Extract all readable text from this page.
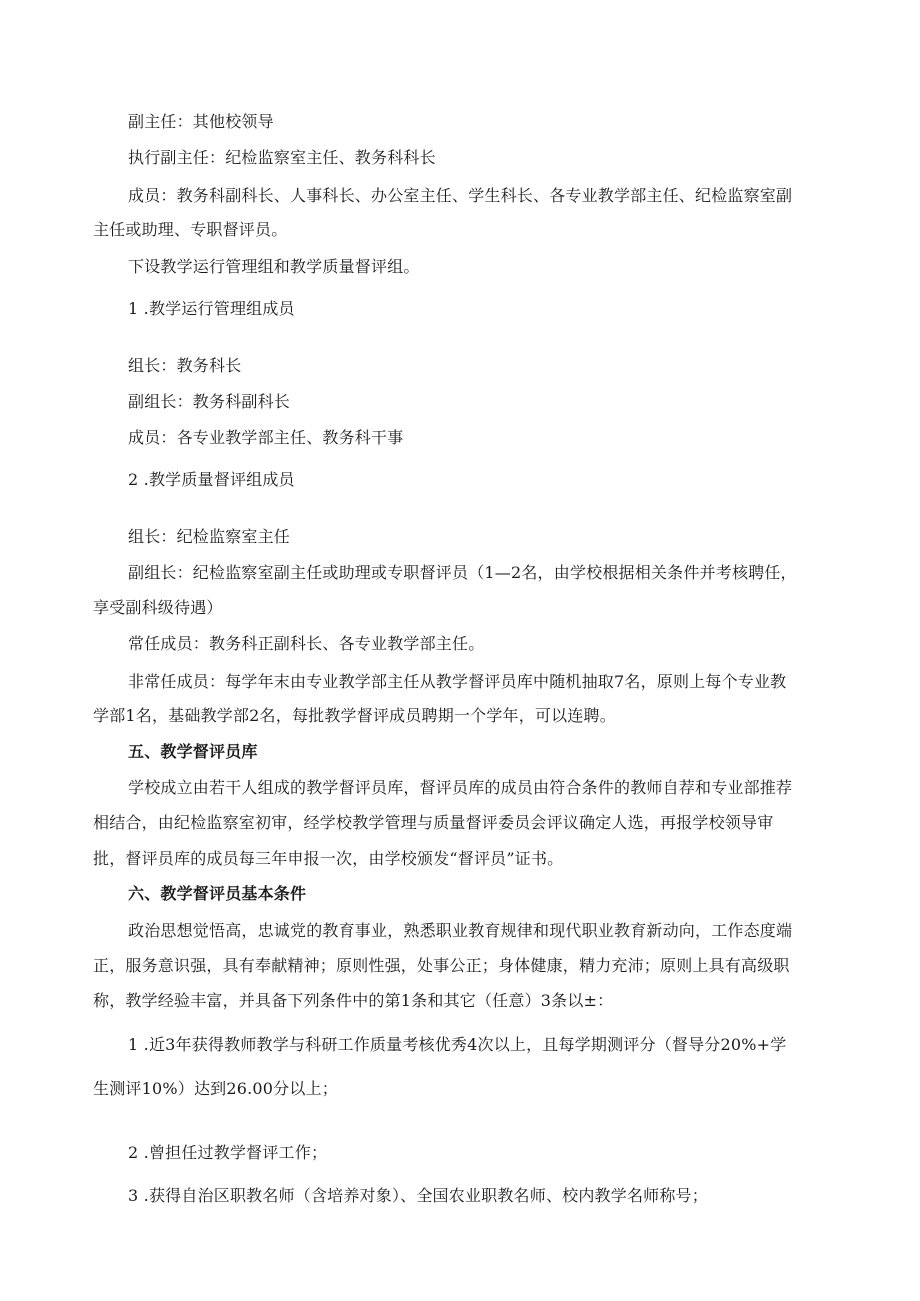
副主任：其他校领导
执行副主任：纪检监察室主任、教务科科长
成员：教务科副科长、人事科长、办公室主任、学生科长、各专业教学部主任、纪检监察室副
主任或助理、专职督评员。
下设教学运行管理组和教学质量督评组。
1 .教学运行管理组成员
组长：教务科长
副组长：教务科副科长
成员：各专业教学部主任、教务科干事
2 .教学质量督评组成员
组长：纪检监察室主任
副组长：纪检监察室副主任或助理或专职督评员（1—2名，由学校根据相关条件并考核聘任，
享受副科级待遇）
常任成员：教务科正副科长、各专业教学部主任。
非常任成员：每学年末由专业教学部主任从教学督评员库中随机抽取7名，原则上每个专业教
学部1名，基础教学部2名，每批教学督评成员聘期一个学年，可以连聘。
五、教学督评员库
学校成立由若干人组成的教学督评员库，督评员库的成员由符合条件的教师自荐和专业部推荐
相结合，由纪检监察室初审，经学校教学管理与质量督评委员会评议确定人选，再报学校领导审
批，督评员库的成员每三年申报一次，由学校颁发“督评员”证书。
六、教学督评员基本条件
政治思想觉悟高，忠诚党的教育事业，熟悉职业教育规律和现代职业教育新动向，工作态度端
正，服务意识强，具有奉献精神；原则性强，处事公正；身体健康，精力充沛；原则上具有高级职
称，教学经验丰富，并具备下列条件中的第1条和其它（任意）3条以±：
1 .近3年获得教师教学与科研工作质量考核优秀4次以上，且每学期测评分（督导分20%+学
生测评10%）达到26.00分以上；
2 .曾担任过教学督评工作；
3 .获得自治区职教名师（含培养对象）、全国农业职教名师、校内教学名师称号；
